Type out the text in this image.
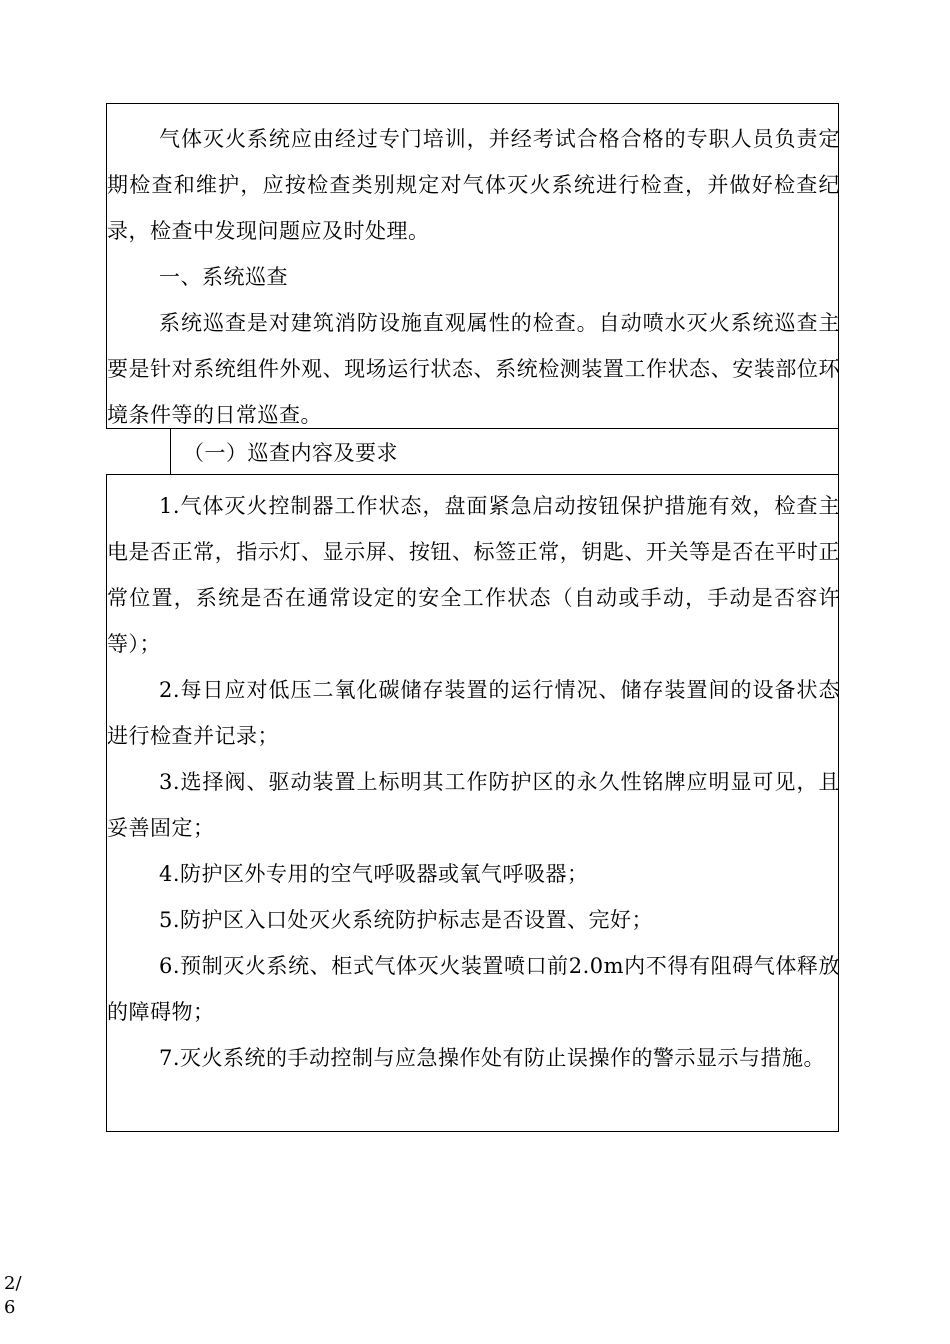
气体灭火系统应由经过专门培训，并经考试合格合格的专职人员负责定期检查和维护，应按检查类别规定对气体灭火系统进行检查，并做好检查纪录，检查中发现问题应及时处理。

一、系统巡查

系统巡查是对建筑消防设施直观属性的检查。自动喷水灭火系统巡查主要是针对系统组件外观、现场运行状态、系统检测装置工作状态、安装部位环境条件等的日常巡查。

（一）巡查内容及要求

1.气体灭火控制器工作状态，盘面紧急启动按钮保护措施有效，检查主电是否正常，指示灯、显示屏、按钮、标签正常，钥匙、开关等是否在平时正常位置，系统是否在通常设定的安全工作状态（自动或手动，手动是否容许等）；

2.每日应对低压二氧化碳储存装置的运行情况、储存装置间的设备状态进行检查并记录；

3.选择阀、驱动装置上标明其工作防护区的永久性铭牌应明显可见，且妥善固定；

4.防护区外专用的空气呼吸器或氧气呼吸器；

5.防护区入口处灭火系统防护标志是否设置、完好；

6.预制灭火系统、柜式气体灭火装置喷口前2.0m内不得有阻碍气体释放的障碍物；

7.灭火系统的手动控制与应急操作处有防止误操作的警示显示与措施。

2/6
